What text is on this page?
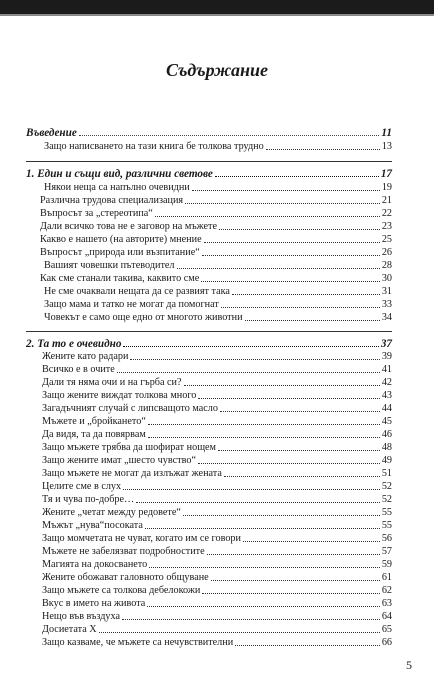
Съдържание
Въведение	11
Защо написването на тази книга бе толкова трудно	13
1. Един и същи вид, различни светове	17
Някои неща са напълно очевидни	19
Различна трудова специализация	21
Въпросът за „стереотипа“	22
Дали всичко това не е заговор на мъжете	23
Какво е нашето (на авторите) мнение	25
Въпросът „природа или възпитание“	26
Вашият човешки пътеводител	28
Как сме станали такива, каквито сме	30
Не сме очаквали нещата да се развият така	31
Защо мама и татко не могат да помогнат	33
Човекът е само още едно от многото животни	34
2. Та то е очевидно	37
Жените като радари	39
Всичко е в очите	41
Дали тя няма очи и на гърба си?	42
Защо жените виждат толкова много	43
Загадъчният случай с липсващото масло	44
Мъжете и „бройкането“	45
Да видя, та да повярвам	46
Защо мъжете трябва да шофират нощем	48
Защо жените имат „шесто чувство“	49
Защо мъжете не могат да излъжат жената	51
Целите сме в слух	52
Тя и чува по-добре…	52
Жените „четат между редовете“	55
Мъжът „нува“посоката	55
Защо момчетата не чуват, когато им се говори	56
Мъжете не забелязват подробностите	57
Магията на докосването	59
Жените обожават галовното общуване	61
Защо мъжете са толкова дебелокожи	62
Вкус в името на живота	63
Нещо във въздуха	64
Досиетата Х	65
Защо казваме, че мъжете са нечувствителни	66
5
